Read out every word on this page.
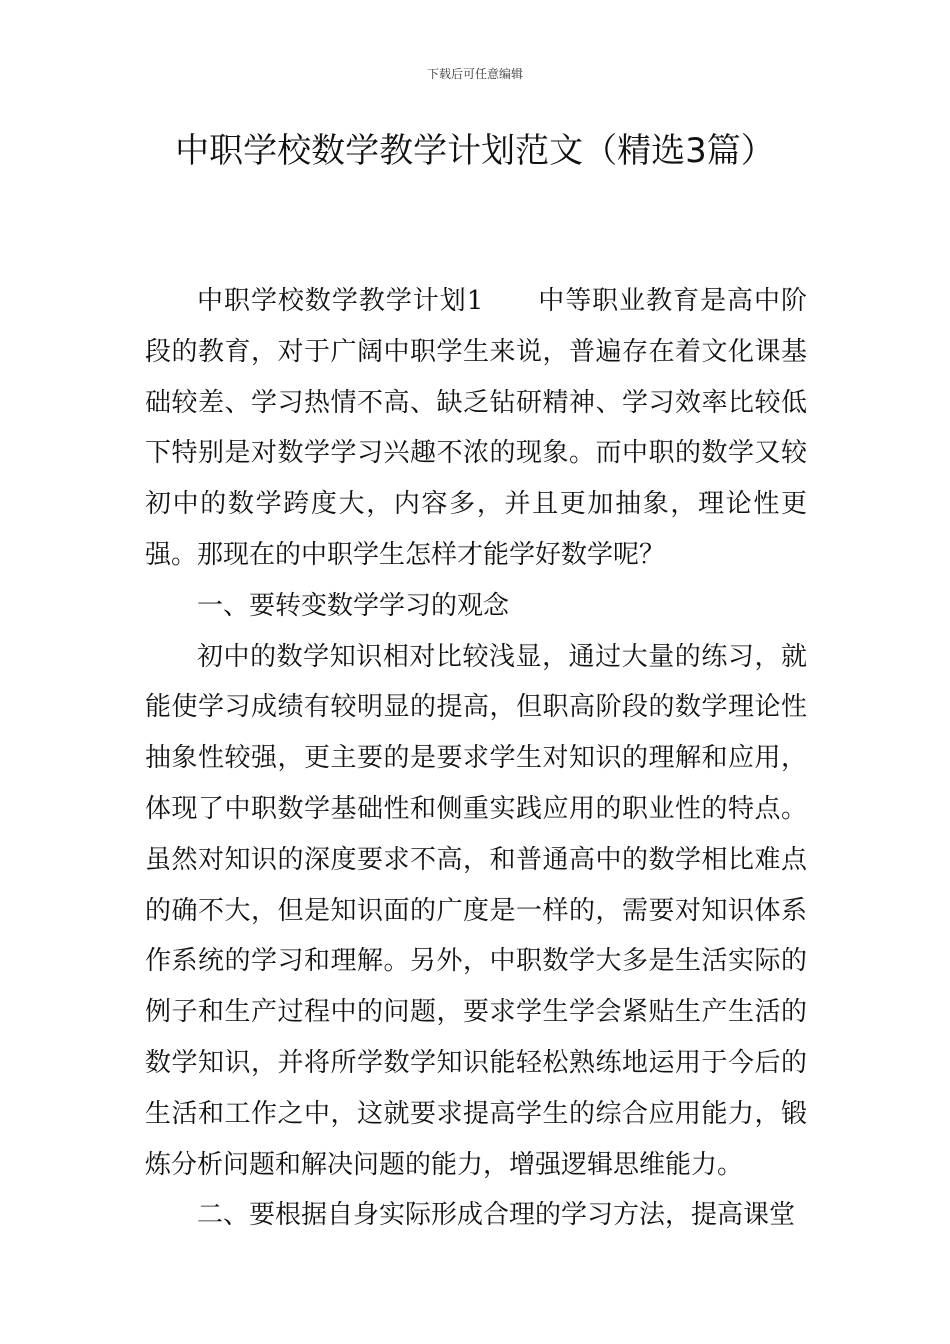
下载后可任意编辑
中职学校数学教学计划范文（精选3篇）

中职学校数学教学计划1　　中等职业教育是高中阶段的教育，对于广阔中职学生来说，普遍存在着文化课基础较差、学习热情不高、缺乏钻研精神、学习效率比较低下特别是对数学学习兴趣不浓的现象。而中职的数学又较初中的数学跨度大，内容多，并且更加抽象，理论性更强。那现在的中职学生怎样才能学好数学呢？

一、要转变数学学习的观念

初中的数学知识相对比较浅显，通过大量的练习，就能使学习成绩有较明显的提高，但职高阶段的数学理论性抽象性较强，更主要的是要求学生对知识的理解和应用，体现了中职数学基础性和侧重实践应用的职业性的特点。虽然对知识的深度要求不高，和普通高中的数学相比难点的确不大，但是知识面的广度是一样的，需要对知识体系作系统的学习和理解。另外，中职数学大多是生活实际的例子和生产过程中的问题，要求学生学会紧贴生产生活的数学知识，并将所学数学知识能轻松熟练地运用于今后的生活和工作之中，这就要求提高学生的综合应用能力，锻炼分析问题和解决问题的能力，增强逻辑思维能力。

二、要根据自身实际形成合理的学习方法，提高课堂
